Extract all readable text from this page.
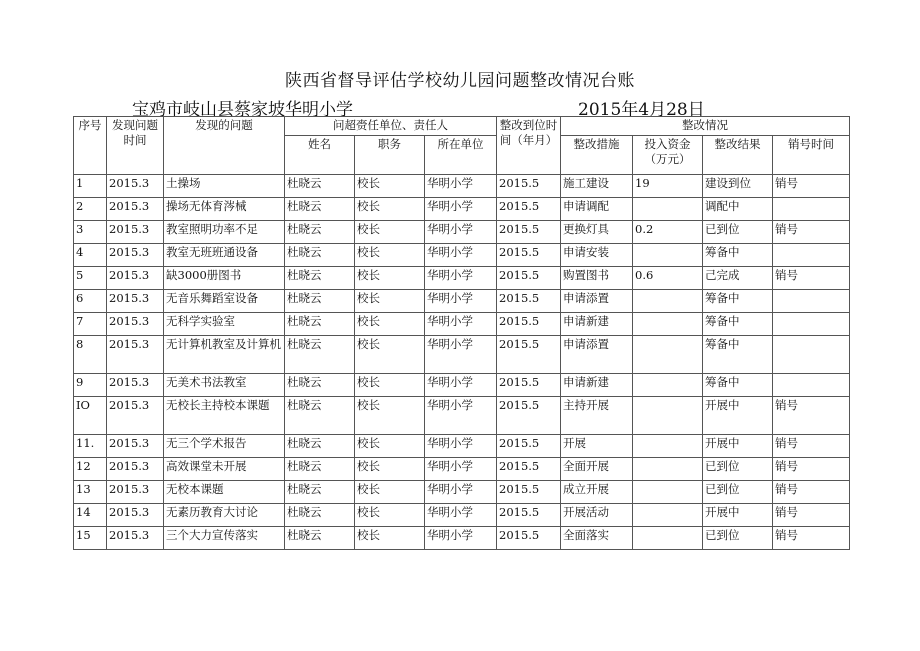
陕西省督导评估学校幼儿园问题整改情况台账
宝鸡市岐山县蔡家坡华明小学	2015年4月28日
序号	发现问题时间	发现的问题	问超赍任单位、责任人			整改到位时间（年月）	整改情况			
			姓名	职务	所在单位		整改措施	投入资金（万元）	整改结果	销号时间
1	2015.3	土操场	杜晓云	校长	华明小学	2015.5	施工建设	19	建设到位	销号
2	2015.3	操场无体育涔械	杜晓云	校长	华明小学	2015.5	申请调配		调配中	
3	2015.3	教室照明功率不足	杜晓云	校长	华明小学	2015.5	更换灯具	0.2	已到位	销号
4	2015.3	教室无班班通设备	杜晓云	校长	华明小学	2015.5	申请安装		筹备中	
5	2015.3	缺3000册图书	杜晓云	校长	华明小学	2015.5	购置图书	0.6	己完成	销号
6	2015.3	无音乐舞蹈室设备	杜晓云	校长	华明小学	2015.5	申请添置		筹备中	
7	2015.3	无科学实验室	杜晓云	校长	华明小学	2015.5	申请新建		筹备中	
8	2015.3	无计算机教室及计算机	杜晓云	校长	华明小学	2015.5	申请添置		筹备中	
9	2015.3	无美术书法教室	杜晓云	校长	华明小学	2015.5	申请新建		筹备中	
IO	2015.3	无校长主持校本课题	杜晓云	校长	华明小学	2015.5	主持开展		开展中	销号
11.	2015.3	无三个学术报告	杜晓云	校长	华明小学	2015.5	开展		开展中	销号
12	2015.3	高效课堂未开展	杜晓云	校长	华明小学	2015.5	全面开展		已到位	销号
13	2015.3	无校本课题	杜晓云	校长	华明小学	2015.5	成立开展		已到位	销号
14	2015.3	无素历教育大讨论	杜晓云	校长	华明小学	2015.5	开展活动		开展中	销号
15	2015.3	三个大力宣传落实	杜晓云	校长	华明小学	2015.5	全面落实		已到位	销号
